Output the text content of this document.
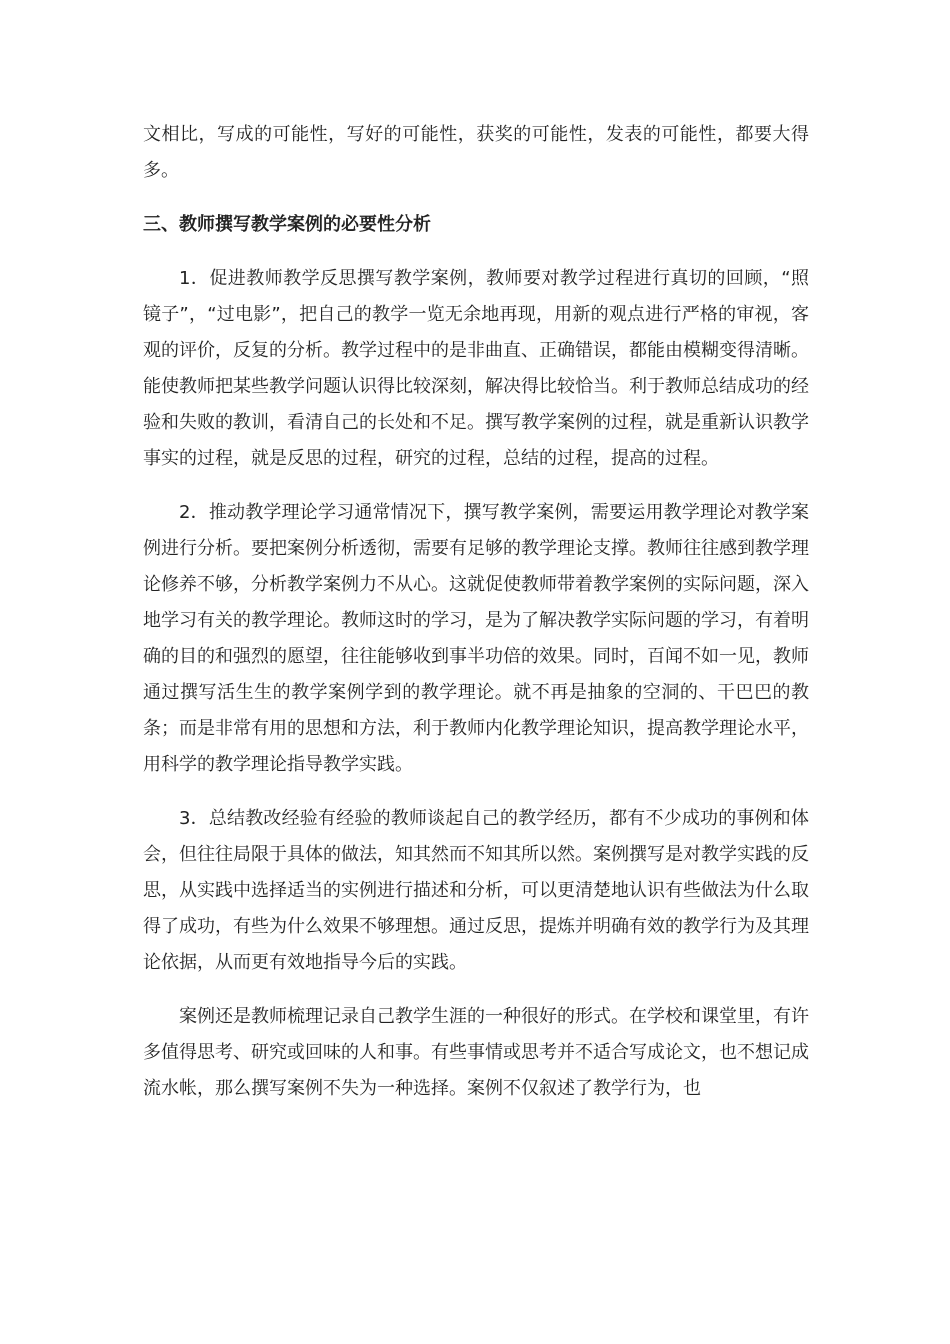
文相比，写成的可能性，写好的可能性，获奖的可能性，发表的可能性，都要大得多。

三、教师撰写教学案例的必要性分析

1．促进教师教学反思撰写教学案例，教师要对教学过程进行真切的回顾，“照镜子”，“过电影”，把自己的教学一览无余地再现，用新的观点进行严格的审视，客观的评价，反复的分析。教学过程中的是非曲直、正确错误，都能由模糊变得清晰。能使教师把某些教学问题认识得比较深刻，解决得比较恰当。利于教师总结成功的经验和失败的教训，看清自己的长处和不足。撰写教学案例的过程，就是重新认识教学事实的过程，就是反思的过程，研究的过程，总结的过程，提高的过程。

2．推动教学理论学习通常情况下，撰写教学案例，需要运用教学理论对教学案例进行分析。要把案例分析透彻，需要有足够的教学理论支撑。教师往往感到教学理论修养不够，分析教学案例力不从心。这就促使教师带着教学案例的实际问题，深入地学习有关的教学理论。教师这时的学习，是为了解决教学实际问题的学习，有着明确的目的和强烈的愿望，往往能够收到事半功倍的效果。同时，百闻不如一见，教师通过撰写活生生的教学案例学到的教学理论。就不再是抽象的空洞的、干巴巴的教条；而是非常有用的思想和方法，利于教师内化教学理论知识，提高教学理论水平，用科学的教学理论指导教学实践。

3．总结教改经验有经验的教师谈起自己的教学经历，都有不少成功的事例和体会，但往往局限于具体的做法，知其然而不知其所以然。案例撰写是对教学实践的反思，从实践中选择适当的实例进行描述和分析，可以更清楚地认识有些做法为什么取得了成功，有些为什么效果不够理想。通过反思，提炼并明确有效的教学行为及其理论依据，从而更有效地指导今后的实践。

案例还是教师梳理记录自己教学生涯的一种很好的形式。在学校和课堂里，有许多值得思考、研究或回味的人和事。有些事情或思考并不适合写成论文，也不想记成流水帐，那么撰写案例不失为一种选择。案例不仅叙述了教学行为，也
